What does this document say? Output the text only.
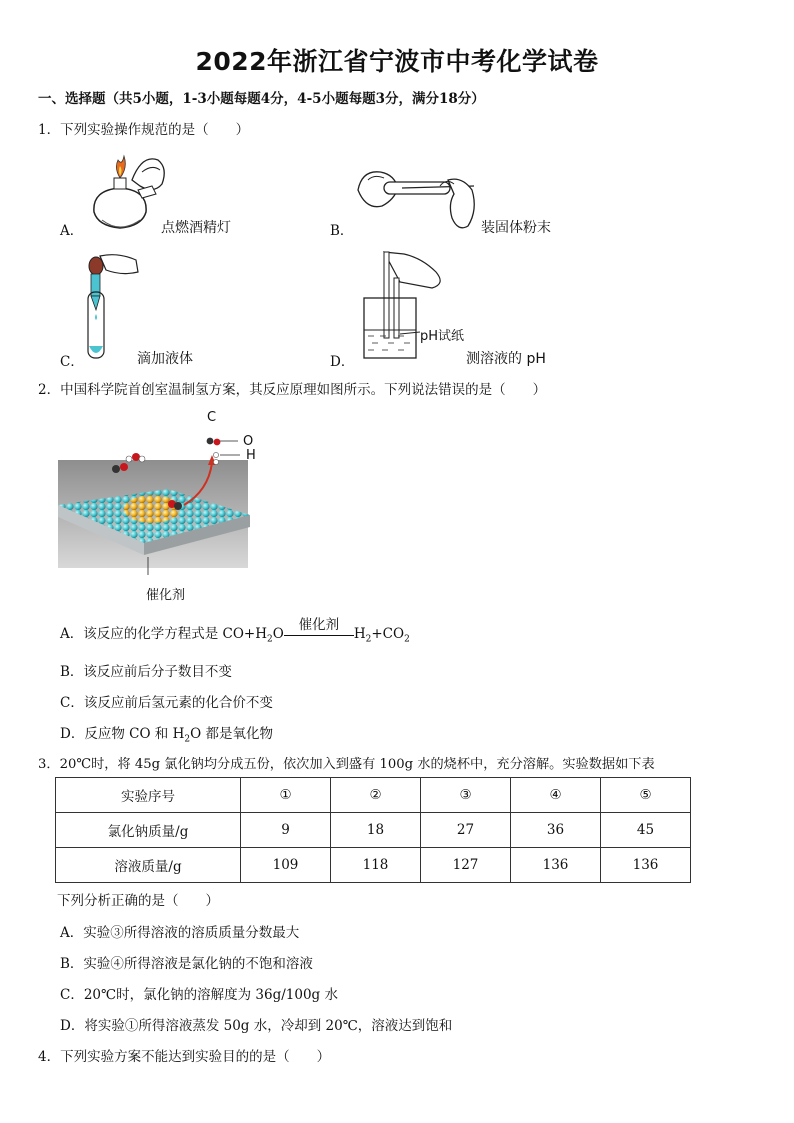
2022年浙江省宁波市中考化学试卷
一、选择题（共5小题，1-3小题每题4分，4-5小题每题3分，满分18分）
1．下列实验操作规范的是（　　）
A．	点燃酒精灯	B．	装固体粉末
C．	滴加液体
pH试纸
D．	测溶液的 pH
2．中国科学院首创室温制氢方案，其反应原理如图所示。下列说法错误的是（　　）
C
O
H
催化剂
A．该反应的化学方程式是 $CO+H_2O$
催化剂
$H_2+CO_2$
B．该反应前后分子数目不变
C．该反应前后氢元素的化合价不变
D．反应物 CO 和 $H_2O$ 都是氧化物
3．20℃时，将 45g 氯化钠均分成五份，依次加入到盛有 100g 水的烧杯中，充分溶解。实验数据如下表
实验序号	①	②	③	④	⑤
氯化钠质量/g	9	18	27	36	45
溶液质量/g	109	118	127	136	136
下列分析正确的是（　　）
A．实验③所得溶液的溶质质量分数最大
B．实验④所得溶液是氯化钠的不饱和溶液
C．20℃时，氯化钠的溶解度为 36g/100g 水
D．将实验①所得溶液蒸发 50g 水，冷却到 20℃，溶液达到饱和
4．下列实验方案不能达到实验目的的是（　　）
